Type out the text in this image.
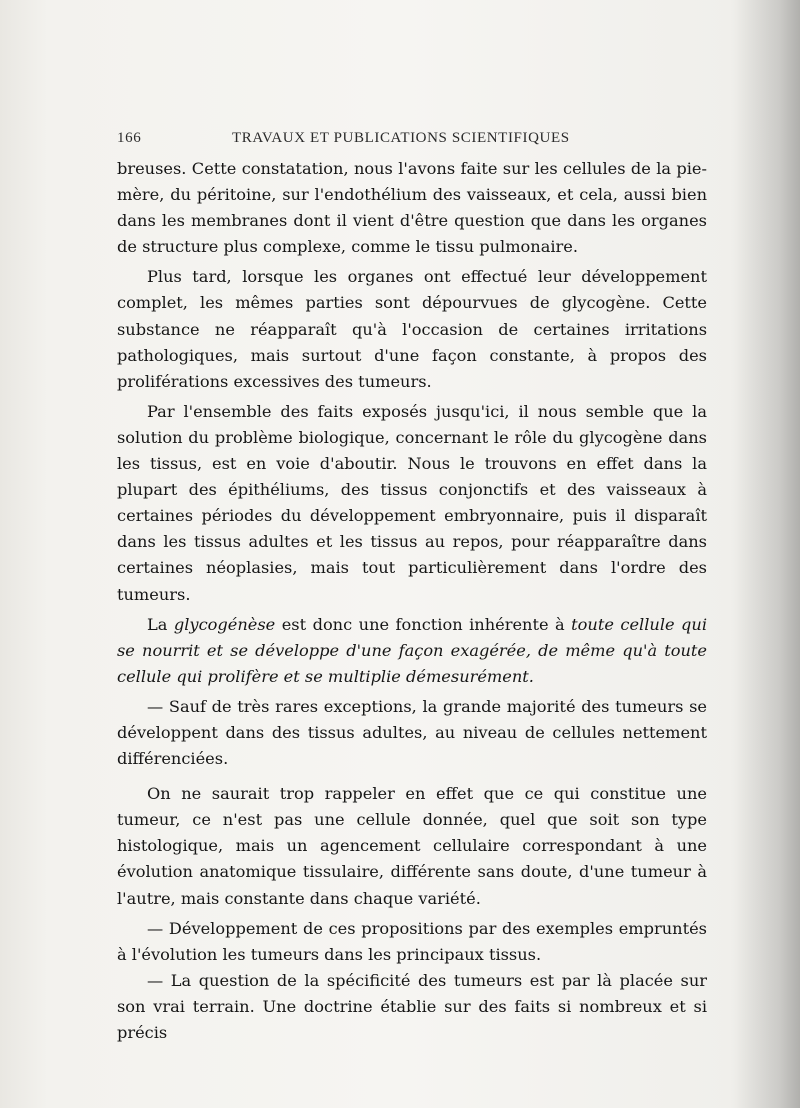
166	TRAVAUX ET PUBLICATIONS SCIENTIFIQUES

breuses. Cette constatation, nous l'avons faite sur les cellules de la pie-mère, du péritoine, sur l'endothélium des vaisseaux, et cela, aussi bien dans les membranes dont il vient d'être question que dans les organes de structure plus complexe, comme le tissu pulmonaire.

Plus tard, lorsque les organes ont effectué leur développement complet, les mêmes parties sont dépourvues de glycogène. Cette substance ne réapparaît qu'à l'occasion de certaines irritations pathologiques, mais surtout d'une façon constante, à propos des proliférations excessives des tumeurs.

Par l'ensemble des faits exposés jusqu'ici, il nous semble que la solution du problème biologique, concernant le rôle du glycogène dans les tissus, est en voie d'aboutir. Nous le trouvons en effet dans la plupart des épithéliums, des tissus conjonctifs et des vaisseaux à certaines périodes du développement embryonnaire, puis il disparaît dans les tissus adultes et les tissus au repos, pour réapparaître dans certaines néoplasies, mais tout particulièrement dans l'ordre des tumeurs.

La glycogénèse est donc une fonction inhérente à toute cellule qui se nourrit et se développe d'une façon exagérée, de même qu'à toute cellule qui prolifère et se multiplie démesurément.

— Sauf de très rares exceptions, la grande majorité des tumeurs se développent dans des tissus adultes, au niveau de cellules nettement différenciées.

On ne saurait trop rappeler en effet que ce qui constitue une tumeur, ce n'est pas une cellule donnée, quel que soit son type histologique, mais un agencement cellulaire correspondant à une évolution anatomique tissulaire, différente sans doute, d'une tumeur à l'autre, mais constante dans chaque variété.

— Développement de ces propositions par des exemples empruntés à l'évolution les tumeurs dans les principaux tissus.

— La question de la spécificité des tumeurs est par là placée sur son vrai terrain. Une doctrine établie sur des faits si nombreux et si précis
